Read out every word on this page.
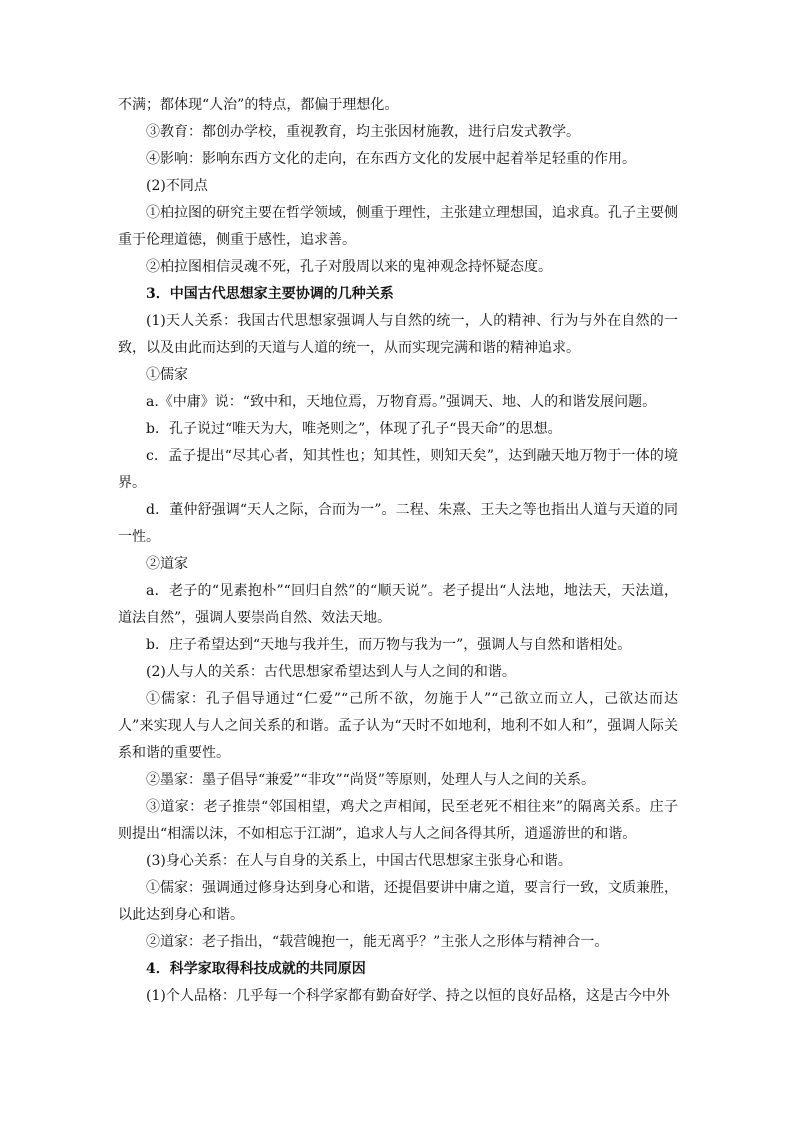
不满；都体现“人治”的特点，都偏于理想化。

③教育：都创办学校，重视教育，均主张因材施教，进行启发式教学。

④影响：影响东西方文化的走向，在东西方文化的发展中起着举足轻重的作用。

(2)不同点

①柏拉图的研究主要在哲学领域，侧重于理性，主张建立理想国，追求真。孔子主要侧重于伦理道德，侧重于感性，追求善。

②柏拉图相信灵魂不死，孔子对殷周以来的鬼神观念持怀疑态度。

3．中国古代思想家主要协调的几种关系

(1)天人关系：我国古代思想家强调人与自然的统一，人的精神、行为与外在自然的一致，以及由此而达到的天道与人道的统一，从而实现完满和谐的精神追求。

①儒家

a.《中庸》说：“致中和，天地位焉，万物育焉。”强调天、地、人的和谐发展问题。

b．孔子说过“唯天为大，唯尧则之”，体现了孔子“畏天命”的思想。

c．孟子提出“尽其心者，知其性也；知其性，则知天矣”，达到融天地万物于一体的境界。

d．董仲舒强调“天人之际，合而为一”。二程、朱熹、王夫之等也指出人道与天道的同一性。

②道家

a．老子的“见素抱朴”“回归自然”的“顺天说”。老子提出“人法地，地法天，天法道，道法自然”，强调人要崇尚自然、效法天地。

b．庄子希望达到“天地与我并生，而万物与我为一”，强调人与自然和谐相处。

(2)人与人的关系：古代思想家希望达到人与人之间的和谐。

①儒家：孔子倡导通过“仁爱”“己所不欲，勿施于人”“己欲立而立人，己欲达而达人”来实现人与人之间关系的和谐。孟子认为“天时不如地利，地利不如人和”，强调人际关系和谐的重要性。

②墨家：墨子倡导“兼爱”“非攻”“尚贤”等原则，处理人与人之间的关系。

③道家：老子推崇“邻国相望，鸡犬之声相闻，民至老死不相往来”的隔离关系。庄子则提出“相濡以沫，不如相忘于江湖”，追求人与人之间各得其所，逍遥游世的和谐。

(3)身心关系：在人与自身的关系上，中国古代思想家主张身心和谐。

①儒家：强调通过修身达到身心和谐，还提倡要讲中庸之道，要言行一致，文质兼胜，以此达到身心和谐。

②道家：老子指出，“载营魄抱一，能无离乎？”主张人之形体与精神合一。

4．科学家取得科技成就的共同原因

(1)个人品格：几乎每一个科学家都有勤奋好学、持之以恒的良好品格，这是古今中外
